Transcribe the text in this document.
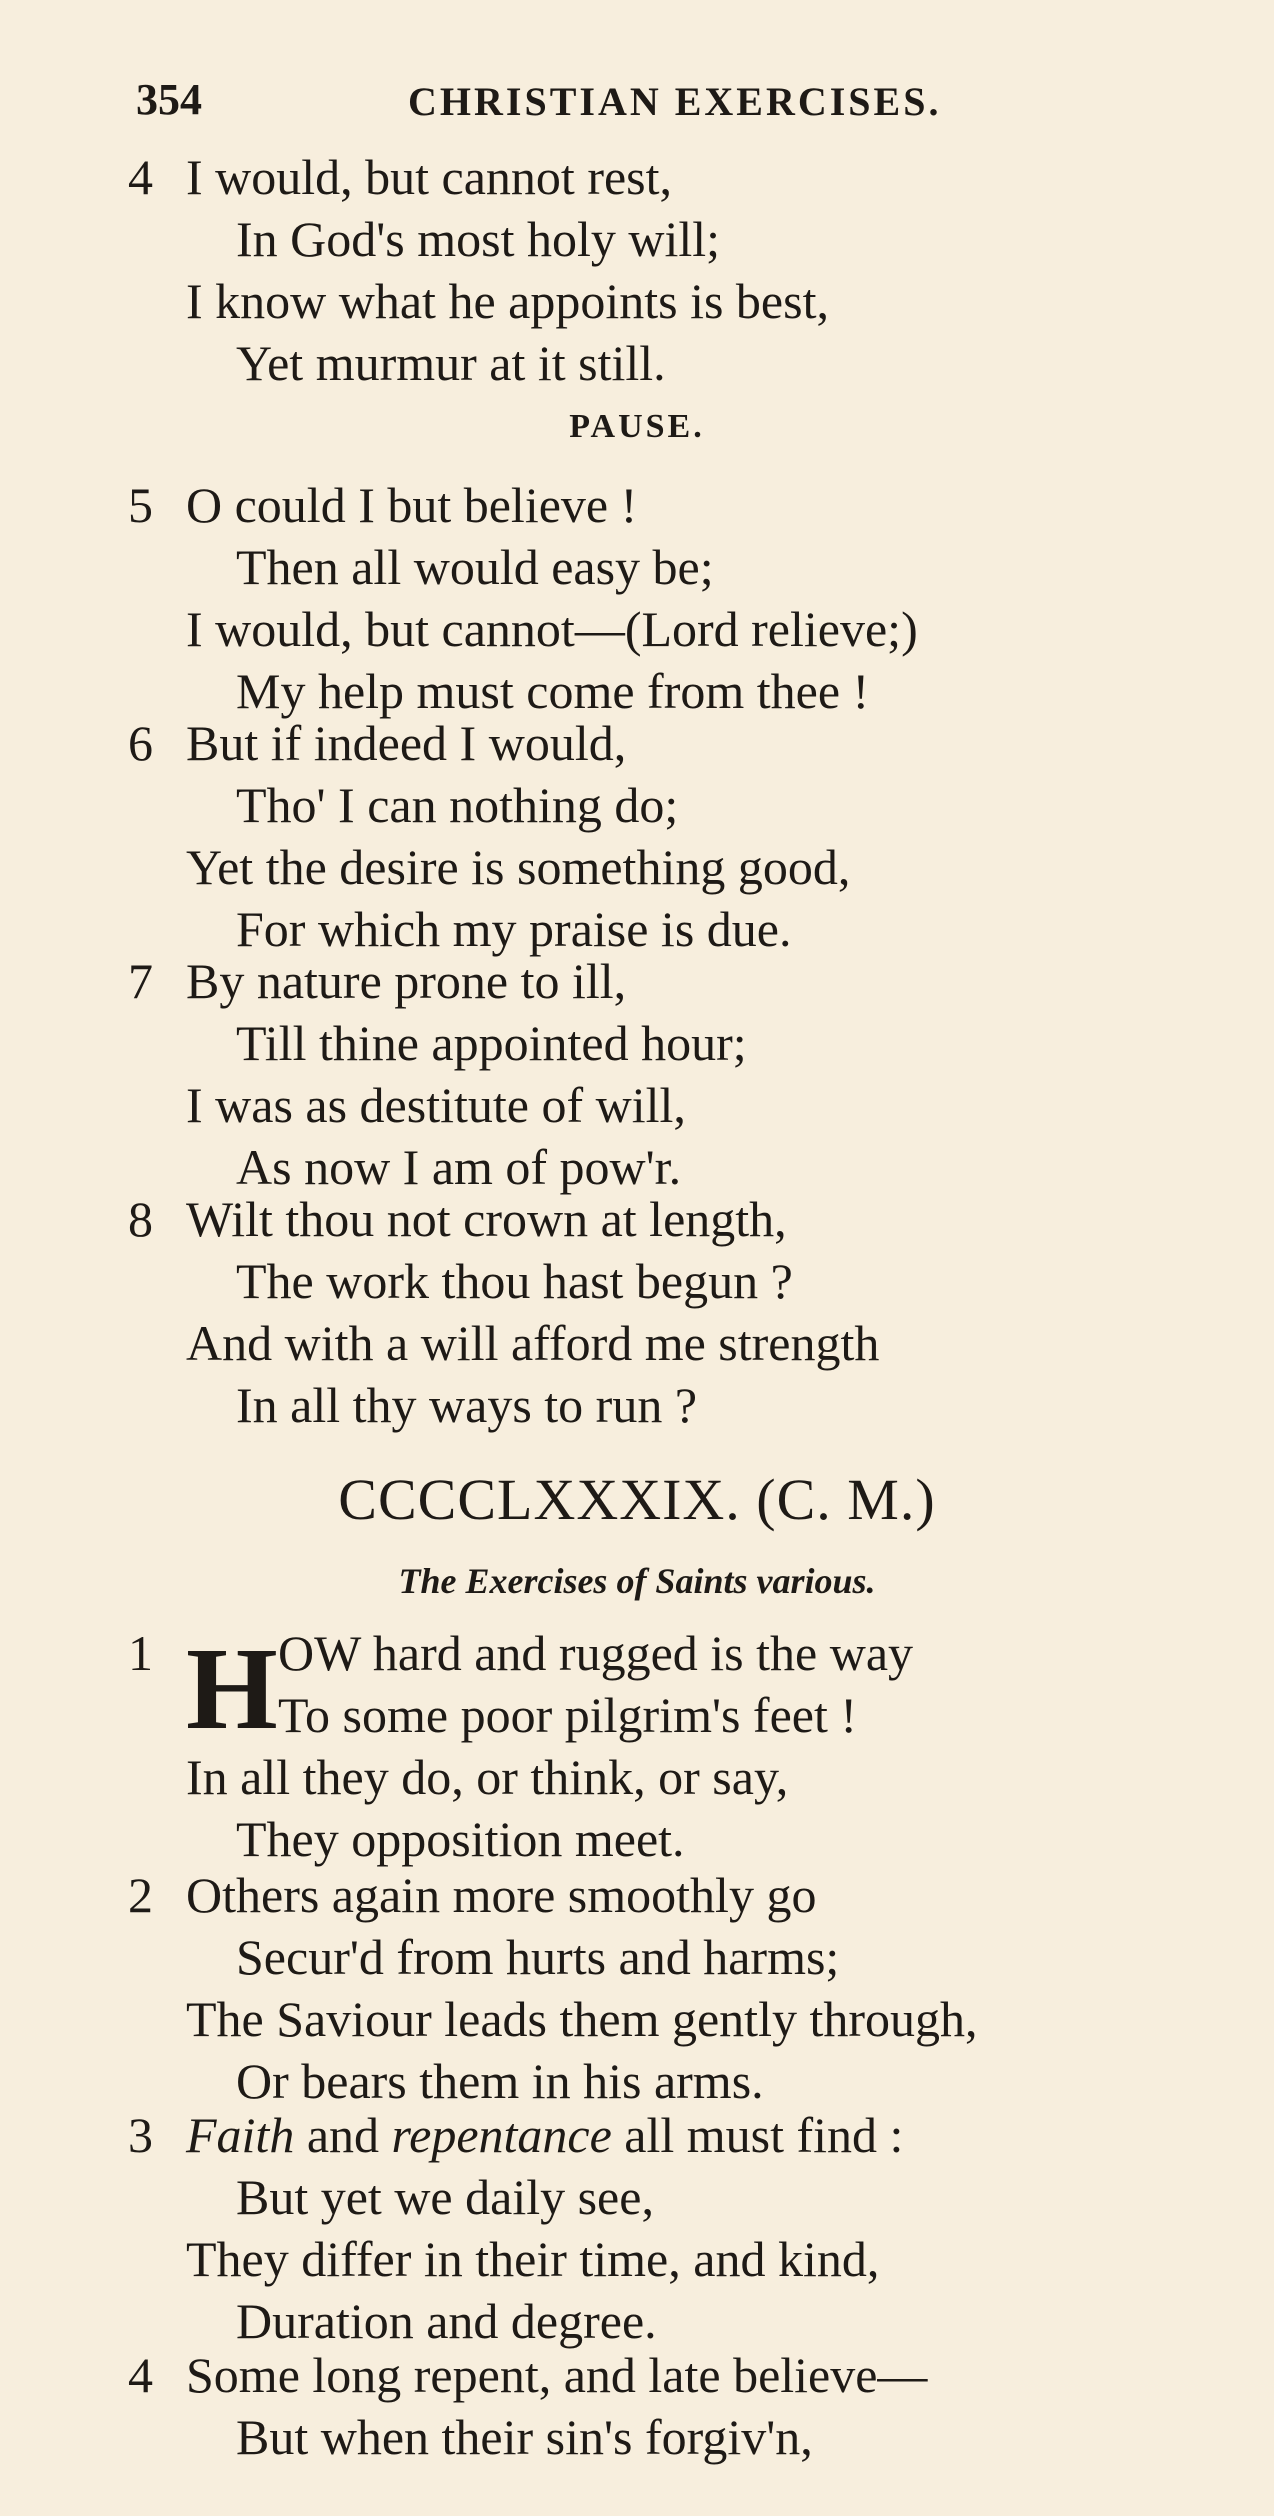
354	CHRISTIAN EXERCISES.
4 I would, but cannot rest,
In God's most holy will;
I know what he appoints is best,
Yet murmur at it still.
PAUSE.
5 O could I but believe !
Then all would easy be;
I would, but cannot—(Lord relieve;)
My help must come from thee !
6 But if indeed I would,
Tho' I can nothing do;
Yet the desire is something good,
For which my praise is due.
7 By nature prone to ill,
Till thine appointed hour;
I was as destitute of will,
As now I am of pow'r.
8 Wilt thou not crown at length,
The work thou hast begun ?
And with a will afford me strength
In all thy ways to run ?
CCCCLXXXIX. (C. M.)
The Exercises of Saints various.
H
1	OW hard and rugged is the way
To some poor pilgrim's feet !
In all they do, or think, or say,
They opposition meet.
2 Others again more smoothly go
Secur'd from hurts and harms;
The Saviour leads them gently through,
Or bears them in his arms.
3 Faith and repentance all must find :
But yet we daily see,
They differ in their time, and kind,
Duration and degree.
4 Some long repent, and late believe—
But when their sin's forgiv'n,
